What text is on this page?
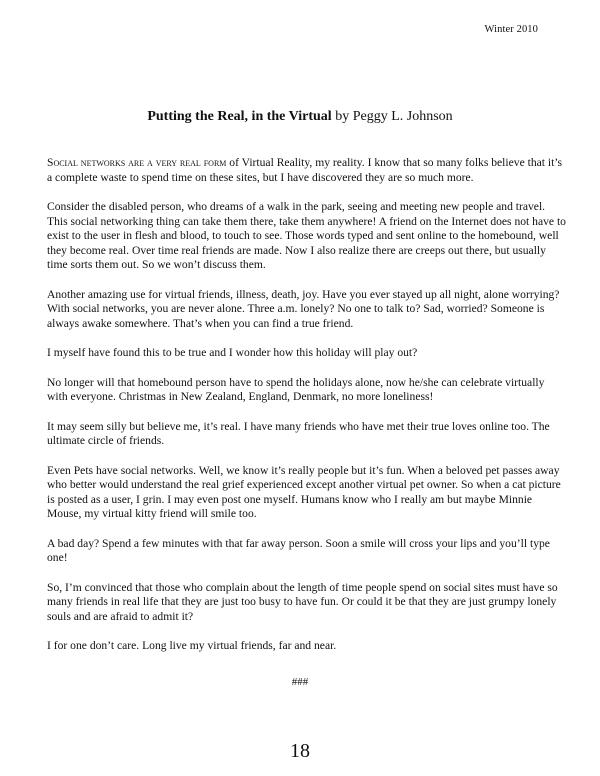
Winter 2010
Putting the Real, in the Virtual by Peggy L. Johnson

Social networks are a very real form of Virtual Reality, my reality. I know that so many folks believe that it’s a complete waste to spend time on these sites, but I have discovered they are so much more.

Consider the disabled person, who dreams of a walk in the park, seeing and meeting new people and travel. This social networking thing can take them there, take them anywhere! A friend on the Internet does not have to exist to the user in flesh and blood, to touch to see. Those words typed and sent online to the homebound, well they become real. Over time real friends are made. Now I also realize there are creeps out there, but usually time sorts them out. So we won’t discuss them.

Another amazing use for virtual friends, illness, death, joy. Have you ever stayed up all night, alone worrying? With social networks, you are never alone. Three a.m. lonely? No one to talk to? Sad, worried? Someone is always awake somewhere. That’s when you can find a true friend.

I myself have found this to be true and I wonder how this holiday will play out?

No longer will that homebound person have to spend the holidays alone, now he/she can celebrate virtually with everyone. Christmas in New Zealand, England, Denmark, no more loneliness!

It may seem silly but believe me, it’s real. I have many friends who have met their true loves online too. The ultimate circle of friends.

Even Pets have social networks. Well, we know it’s really people but it’s fun. When a beloved pet passes away who better would understand the real grief experienced except another virtual pet owner. So when a cat picture is posted as a user, I grin. I may even post one myself. Humans know who I really am but maybe Minnie Mouse, my virtual kitty friend will smile too.

A bad day? Spend a few minutes with that far away person. Soon a smile will cross your lips and you’ll type one!

So, I’m convinced that those who complain about the length of time people spend on social sites must have so many friends in real life that they are just too busy to have fun. Or could it be that they are just grumpy lonely souls and are afraid to admit it?

I for one don’t care. Long live my virtual friends, far and near.

###
18
